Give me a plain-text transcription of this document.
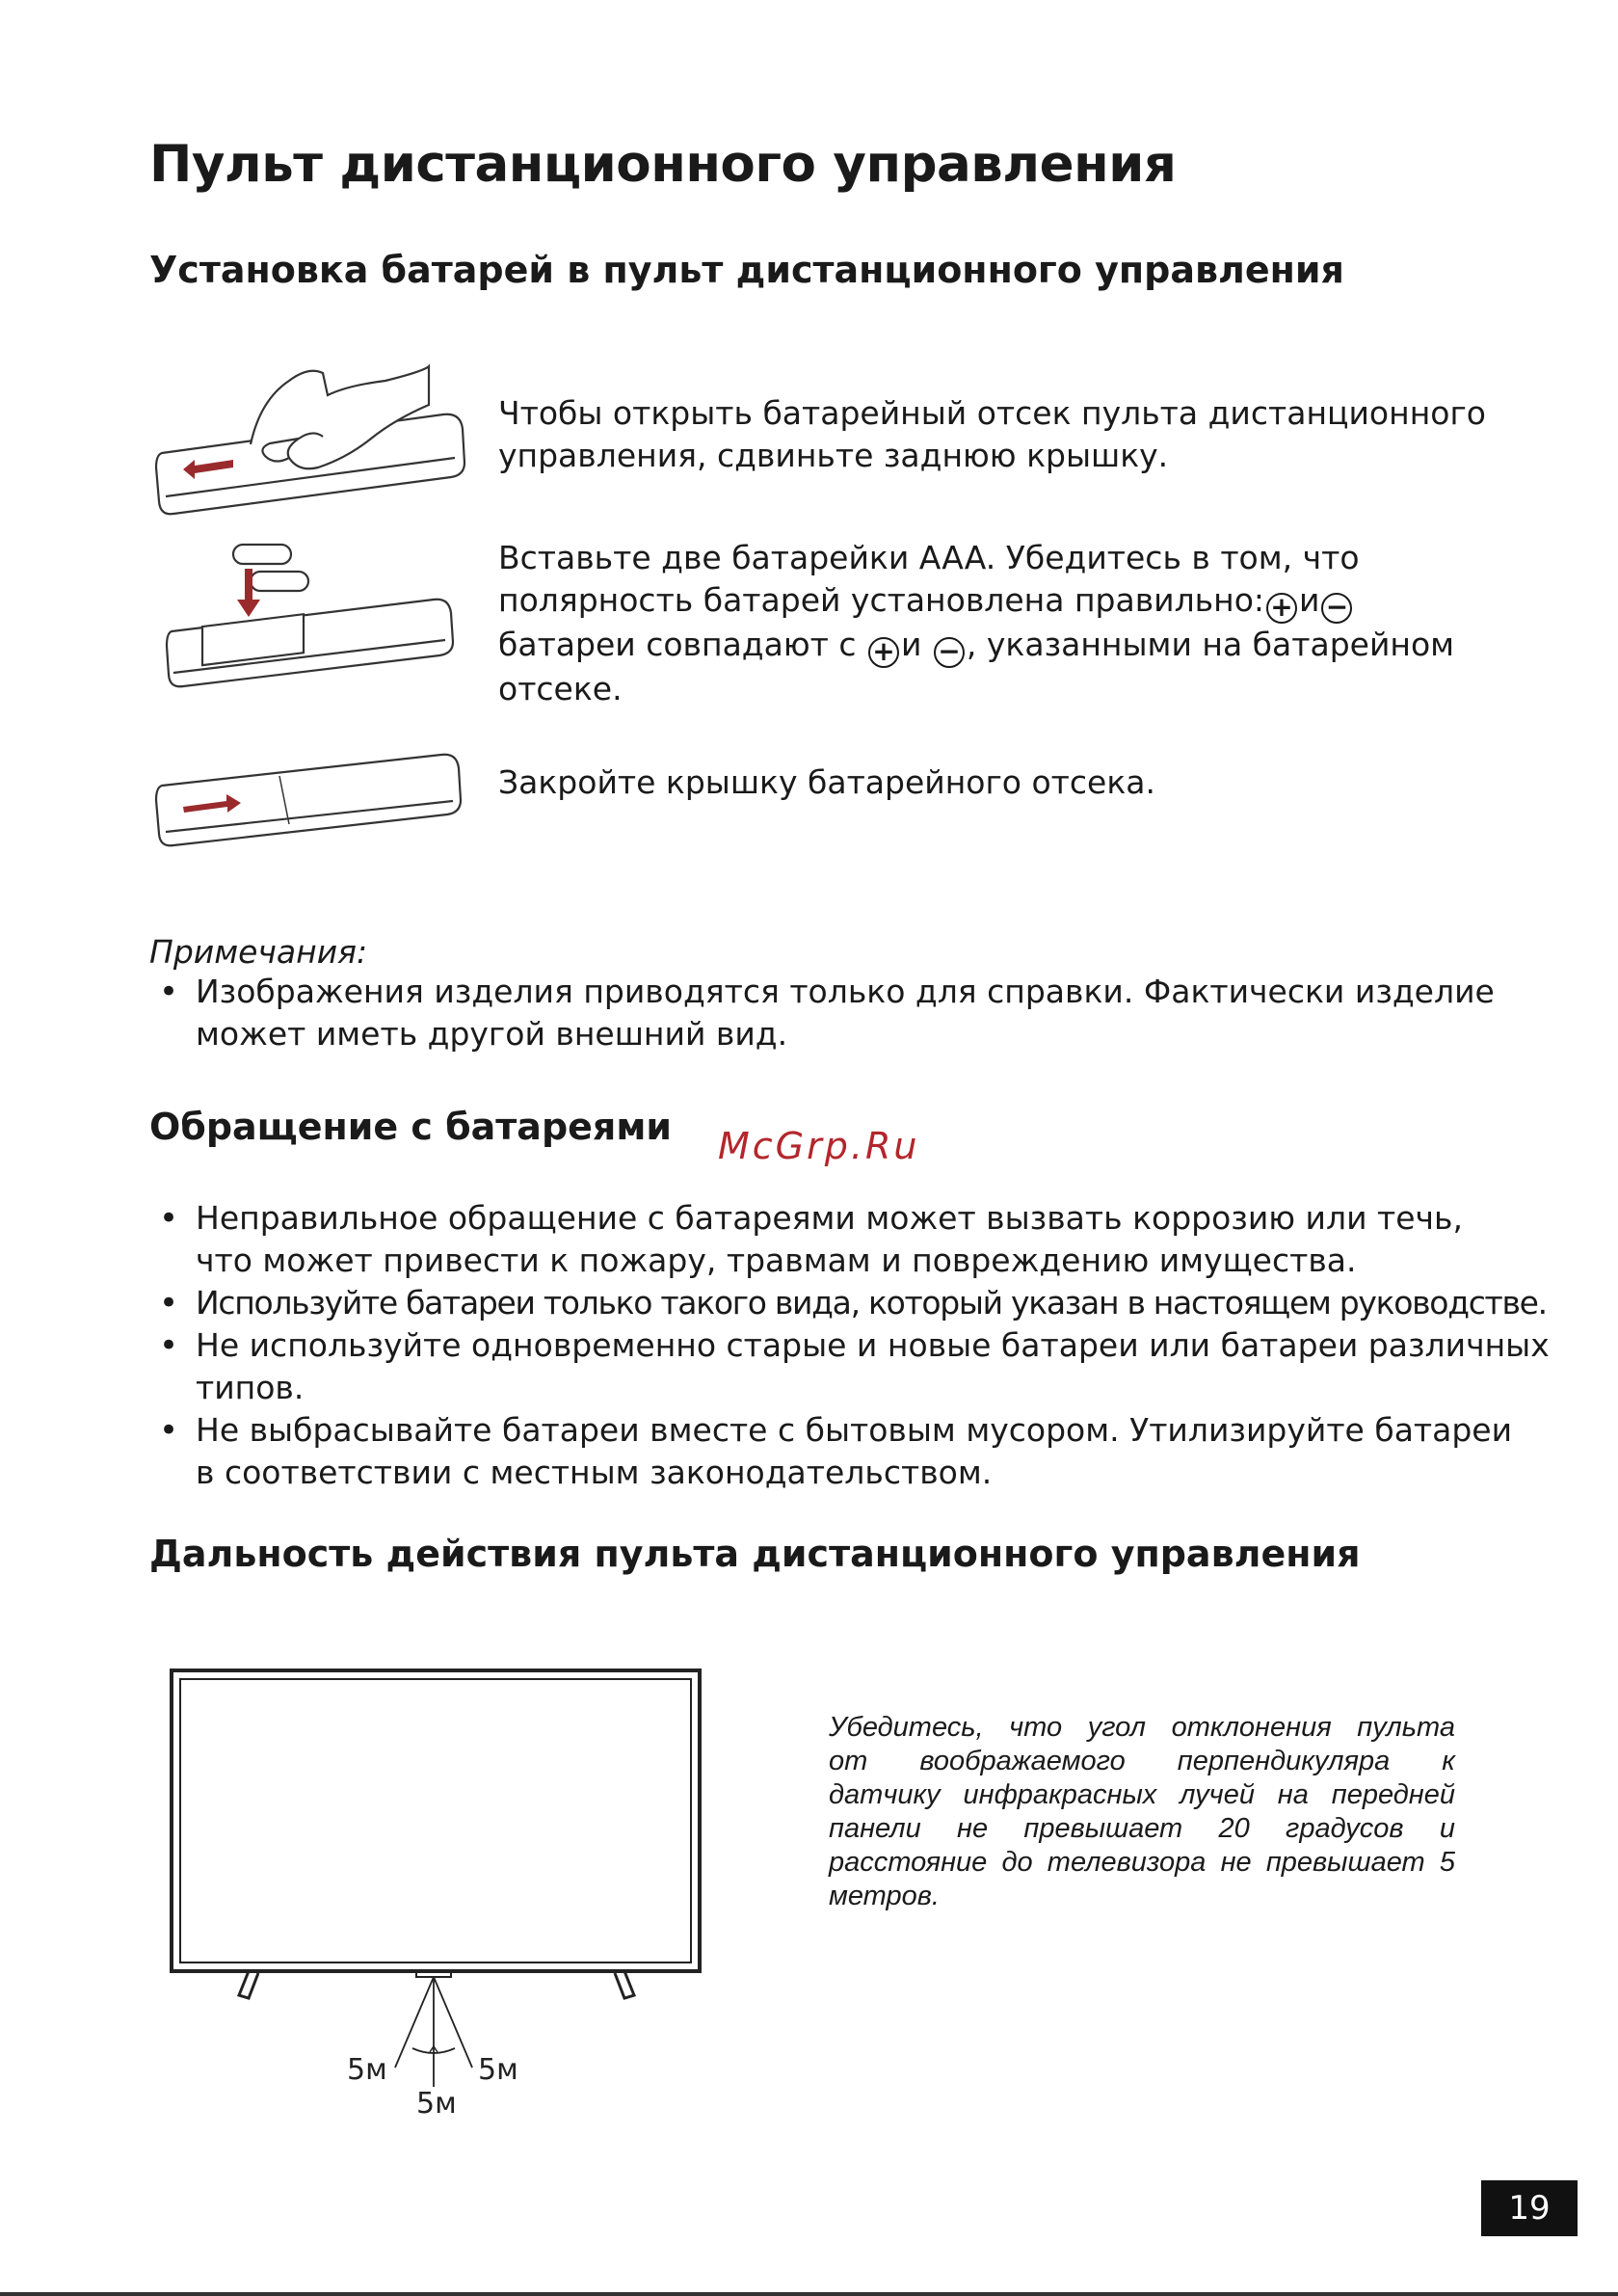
Пульт дистанционного управления
Установка батарей в пульт дистанционного управления
Чтобы открыть батарейный отсек пульта дистанционного
управления, сдвиньте заднюю крышку.
Вставьте две батарейки AAA. Убедитесь в том, что
полярность батарей установлена правильно: + и −
батареи совпадают с + и − , указанными на батарейном
отсеке.
Закройте крышку батарейного отсека.
Примечания:
• Изображения изделия приводятся только для справки. Фактически изделие
может иметь другой внешний вид.
Обращение с батареями McGrp.Ru
• Неправильное обращение с батареями может вызвать коррозию или течь,
что может привести к пожару, травмам и повреждению имущества.
• Используйте батареи только такого вида, который указан в настоящем руководстве.
• Не используйте одновременно старые и новые батареи или батареи различных
типов.
• Не выбрасывайте батареи вместе с бытовым мусором. Утилизируйте батареи
в соответствии с местным законодательством.
Дальность действия пульта дистанционного управления
5м	5м
5м
Убедитесь, что угол отклонения пульта
от воображаемого перпендикуляра к
датчику инфракрасных лучей на передней
панели не превышает 20 градусов и
расстояние до телевизора не превышает 5
метров.
19
